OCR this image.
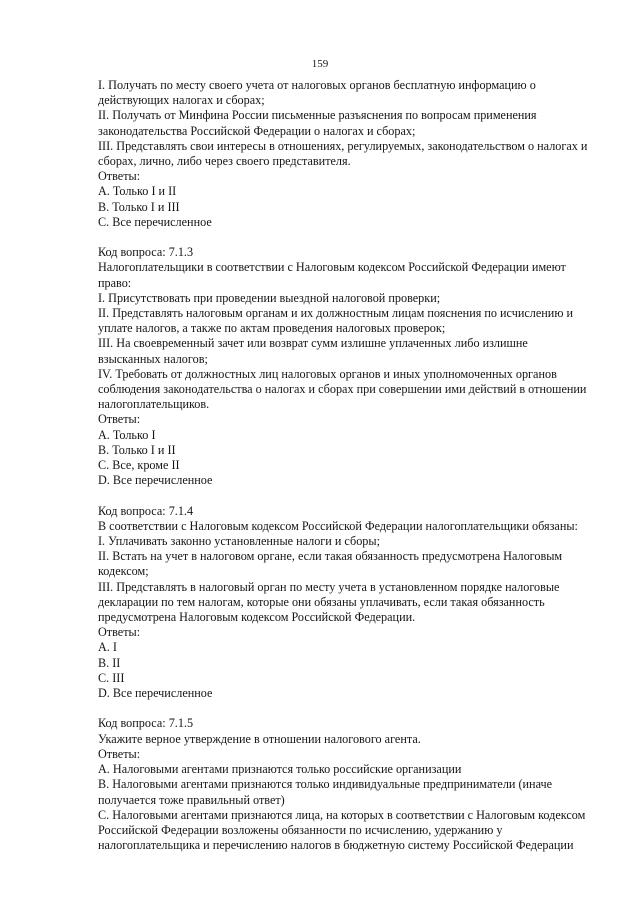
159
I. Получать по месту своего учета от налоговых органов бесплатную информацию о
действующих налогах и сборах;
II. Получать от Минфина России письменные разъяснения по вопросам применения
законодательства Российской Федерации о налогах и сборах;
III. Представлять свои интересы в отношениях, регулируемых, законодательством о налогах и
сборах, лично, либо через своего представителя.
Ответы:
А. Только I и II
В. Только I и III
С. Все перечисленное
Код вопроса: 7.1.3
Налогоплательщики в соответствии с Налоговым кодексом Российской Федерации имеют
право:
I. Присутствовать при проведении выездной налоговой проверки;
II. Представлять налоговым органам и их должностным лицам пояснения по исчислению и
уплате налогов, а также по актам проведения налоговых проверок;
III. На своевременный зачет или возврат сумм излишне уплаченных либо излишне
взысканных налогов;
IV. Требовать от должностных лиц налоговых органов и иных уполномоченных органов
соблюдения законодательства о налогах и сборах при совершении ими действий в отношении
налогоплательщиков.
Ответы:
А. Только I
В. Только I и II
С. Все, кроме II
D. Все перечисленное
Код вопроса: 7.1.4
В соответствии с Налоговым кодексом Российской Федерации налогоплательщики обязаны:
I. Уплачивать законно установленные налоги и сборы;
II. Встать на учет в налоговом органе, если такая обязанность предусмотрена Налоговым
кодексом;
III. Представлять в налоговый орган по месту учета в установленном порядке налоговые
декларации по тем налогам, которые они обязаны уплачивать, если такая обязанность
предусмотрена Налоговым кодексом Российской Федерации.
Ответы:
А. I
В. II
С. III
D. Все перечисленное
Код вопроса: 7.1.5
Укажите верное утверждение в отношении налогового агента.
Ответы:
А. Налоговыми агентами признаются только российские организации
В. Налоговыми агентами признаются только индивидуальные предприниматели (иначе
получается тоже правильный ответ)
С. Налоговыми агентами признаются лица, на которых в соответствии с Налоговым кодексом
Российской Федерации возложены обязанности по исчислению, удержанию у
налогоплательщика и перечислению налогов в бюджетную систему Российской Федерации
